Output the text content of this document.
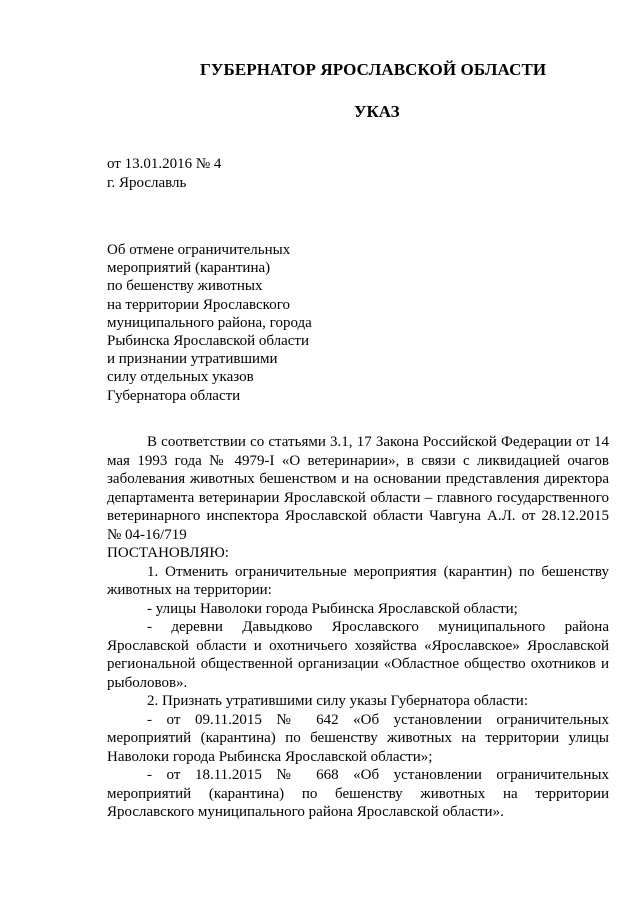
ГУБЕРНАТОР ЯРОСЛАВСКОЙ ОБЛАСТИ
УКАЗ
от 13.01.2016 № 4
г. Ярославль
Об отмене ограничительных
мероприятий (карантина)
по бешенству животных
на территории Ярославского
муниципального района, города
Рыбинска Ярославской области
и признании утратившими
силу отдельных указов
Губернатора области

В соответствии со статьями 3.1, 17 Закона Российской Федерации от 14 мая 1993 года № 4979-I «О ветеринарии», в связи с ликвидацией очагов заболевания животных бешенством и на основании представления директора департамента ветеринарии Ярославской области – главного государственного ветеринарного инспектора Ярославской области Чавгуна А.Л. от 28.12.2015 № 04-16/719

ПОСТАНОВЛЯЮ:

1. Отменить ограничительные мероприятия (карантин) по бешенству животных на территории:

- улицы Наволоки города Рыбинска Ярославской области;

- деревни Давыдково Ярославского муниципального района Ярославской области и охотничьего хозяйства «Ярославское» Ярославской региональной общественной организации «Областное общество охотников и рыболовов».

2. Признать утратившими силу указы Губернатора области:

- от 09.11.2015 № 642 «Об установлении ограничительных мероприятий (карантина) по бешенству животных на территории улицы Наволоки города Рыбинска Ярославской области»;

- от 18.11.2015 № 668 «Об установлении ограничительных мероприятий (карантина) по бешенству животных на территории Ярославского муниципального района Ярославской области».
